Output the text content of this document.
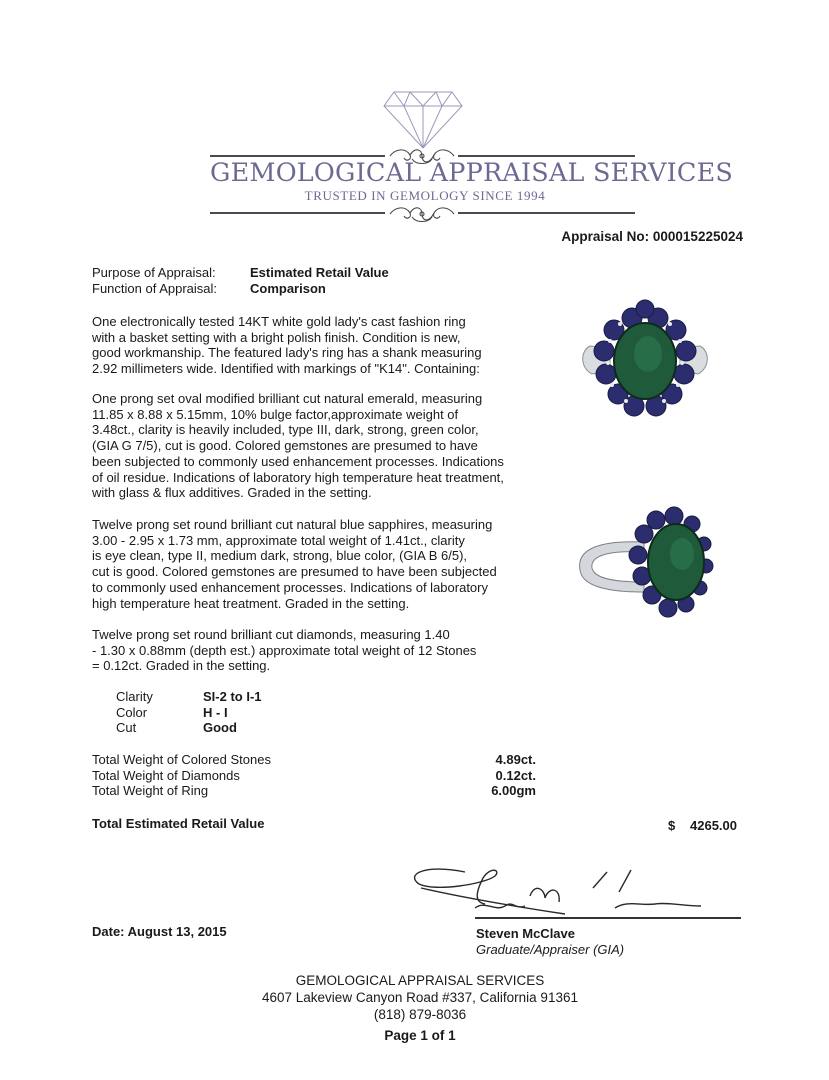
GEMOLOGICAL APPRAISAL SERVICES
TRUSTED IN GEMOLOGY SINCE 1994
Appraisal No: 000015225024
Purpose of Appraisal:	Estimated Retail Value
Function of Appraisal:	Comparison
One electronically tested 14KT white gold lady's cast fashion ring
with a basket setting with a bright polish finish. Condition is new,
good workmanship. The featured lady's ring has a shank measuring
2.92 millimeters wide. Identified with markings of "K14". Containing:
One prong set oval modified brilliant cut natural emerald, measuring
11.85 x 8.88 x 5.15mm, 10% bulge factor,approximate weight of
3.48ct., clarity is heavily included, type III, dark, strong, green color,
(GIA G 7/5), cut is good. Colored gemstones are presumed to have
been subjected to commonly used enhancement processes. Indications
of oil residue. Indications of laboratory high temperature heat treatment,
with glass & flux additives. Graded in the setting.
Twelve prong set round brilliant cut natural blue sapphires, measuring
3.00 - 2.95 x 1.73 mm, approximate total weight of 1.41ct., clarity
is eye clean, type II, medium dark, strong, blue color, (GIA B 6/5),
cut is good. Colored gemstones are presumed to have been subjected
to commonly used enhancement processes. Indications of laboratory
high temperature heat treatment. Graded in the setting.
Twelve prong set round brilliant cut diamonds, measuring 1.40
- 1.30 x 0.88mm (depth est.) approximate total weight of 12 Stones
= 0.12ct. Graded in the setting.
Clarity	SI-2 to I-1
Color	H - I
Cut	Good
Total Weight of Colored Stones	4.89ct.
Total Weight of Diamonds	0.12ct.
Total Weight of Ring	6.00gm
Total Estimated Retail Value	$ 4265.00
Date: August 13, 2015	Steven McClave
Graduate/Appraiser (GIA)
GEMOLOGICAL APPRAISAL SERVICES
4607 Lakeview Canyon Road #337, California 91361
(818) 879-8036
Page 1 of 1
